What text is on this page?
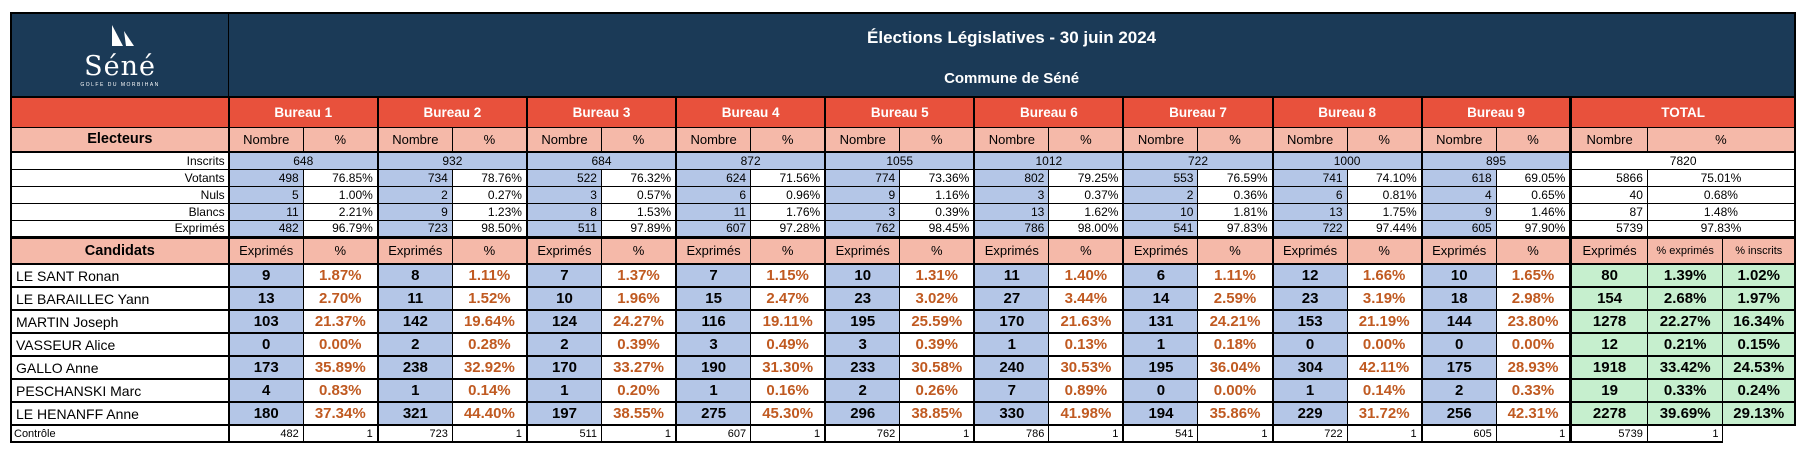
Séné
GOLFE DU MORBIHAN

Élections Législatives - 30 juin 2024
Commune de Séné

	Bureau 1		Bureau 2		Bureau 3		Bureau 4		Bureau 5		Bureau 6		Bureau 7		Bureau 8		Bureau 9		TOTAL		
Electeurs	Nombre	%	Nombre	%	Nombre	%	Nombre	%	Nombre	%	Nombre	%	Nombre	%	Nombre	%	Nombre	%	Nombre	%	
Inscrits	648		932		684		872		1055		1012		722		1000		895		7820		
Votants	498	76.85%	734	78.76%	522	76.32%	624	71.56%	774	73.36%	802	79.25%	553	76.59%	741	74.10%	618	69.05%	5866	75.01%	
Nuls	5	1.00%	2	0.27%	3	0.57%	6	0.96%	9	1.16%	3	0.37%	2	0.36%	6	0.81%	4	0.65%	40	0.68%	
Blancs	11	2.21%	9	1.23%	8	1.53%	11	1.76%	3	0.39%	13	1.62%	10	1.81%	13	1.75%	9	1.46%	87	1.48%	
Exprimés	482	96.79%	723	98.50%	511	97.89%	607	97.28%	762	98.45%	786	98.00%	541	97.83%	722	97.44%	605	97.90%	5739	97.83%	
Candidats	Exprimés	%	Exprimés	%	Exprimés	%	Exprimés	%	Exprimés	%	Exprimés	%	Exprimés	%	Exprimés	%	Exprimés	%	Exprimés	% exprimés	% inscrits
LE SANT Ronan	9	1.87%	8	1.11%	7	1.37%	7	1.15%	10	1.31%	11	1.40%	6	1.11%	12	1.66%	10	1.65%	80	1.39%	1.02%
LE BARAILLEC Yann	13	2.70%	11	1.52%	10	1.96%	15	2.47%	23	3.02%	27	3.44%	14	2.59%	23	3.19%	18	2.98%	154	2.68%	1.97%
MARTIN Joseph	103	21.37%	142	19.64%	124	24.27%	116	19.11%	195	25.59%	170	21.63%	131	24.21%	153	21.19%	144	23.80%	1278	22.27%	16.34%
VASSEUR Alice	0	0.00%	2	0.28%	2	0.39%	3	0.49%	3	0.39%	1	0.13%	1	0.18%	0	0.00%	0	0.00%	12	0.21%	0.15%
GALLO Anne	173	35.89%	238	32.92%	170	33.27%	190	31.30%	233	30.58%	240	30.53%	195	36.04%	304	42.11%	175	28.93%	1918	33.42%	24.53%
PESCHANSKI Marc	4	0.83%	1	0.14%	1	0.20%	1	0.16%	2	0.26%	7	0.89%	0	0.00%	1	0.14%	2	0.33%	19	0.33%	0.24%
LE HENANFF Anne	180	37.34%	321	44.40%	197	38.55%	275	45.30%	296	38.85%	330	41.98%	194	35.86%	229	31.72%	256	42.31%	2278	39.69%	29.13%
Contrôle	482	1	723	1	511	1	607	1	762	1	786	1	541	1	722	1	605	1	5739	1	
